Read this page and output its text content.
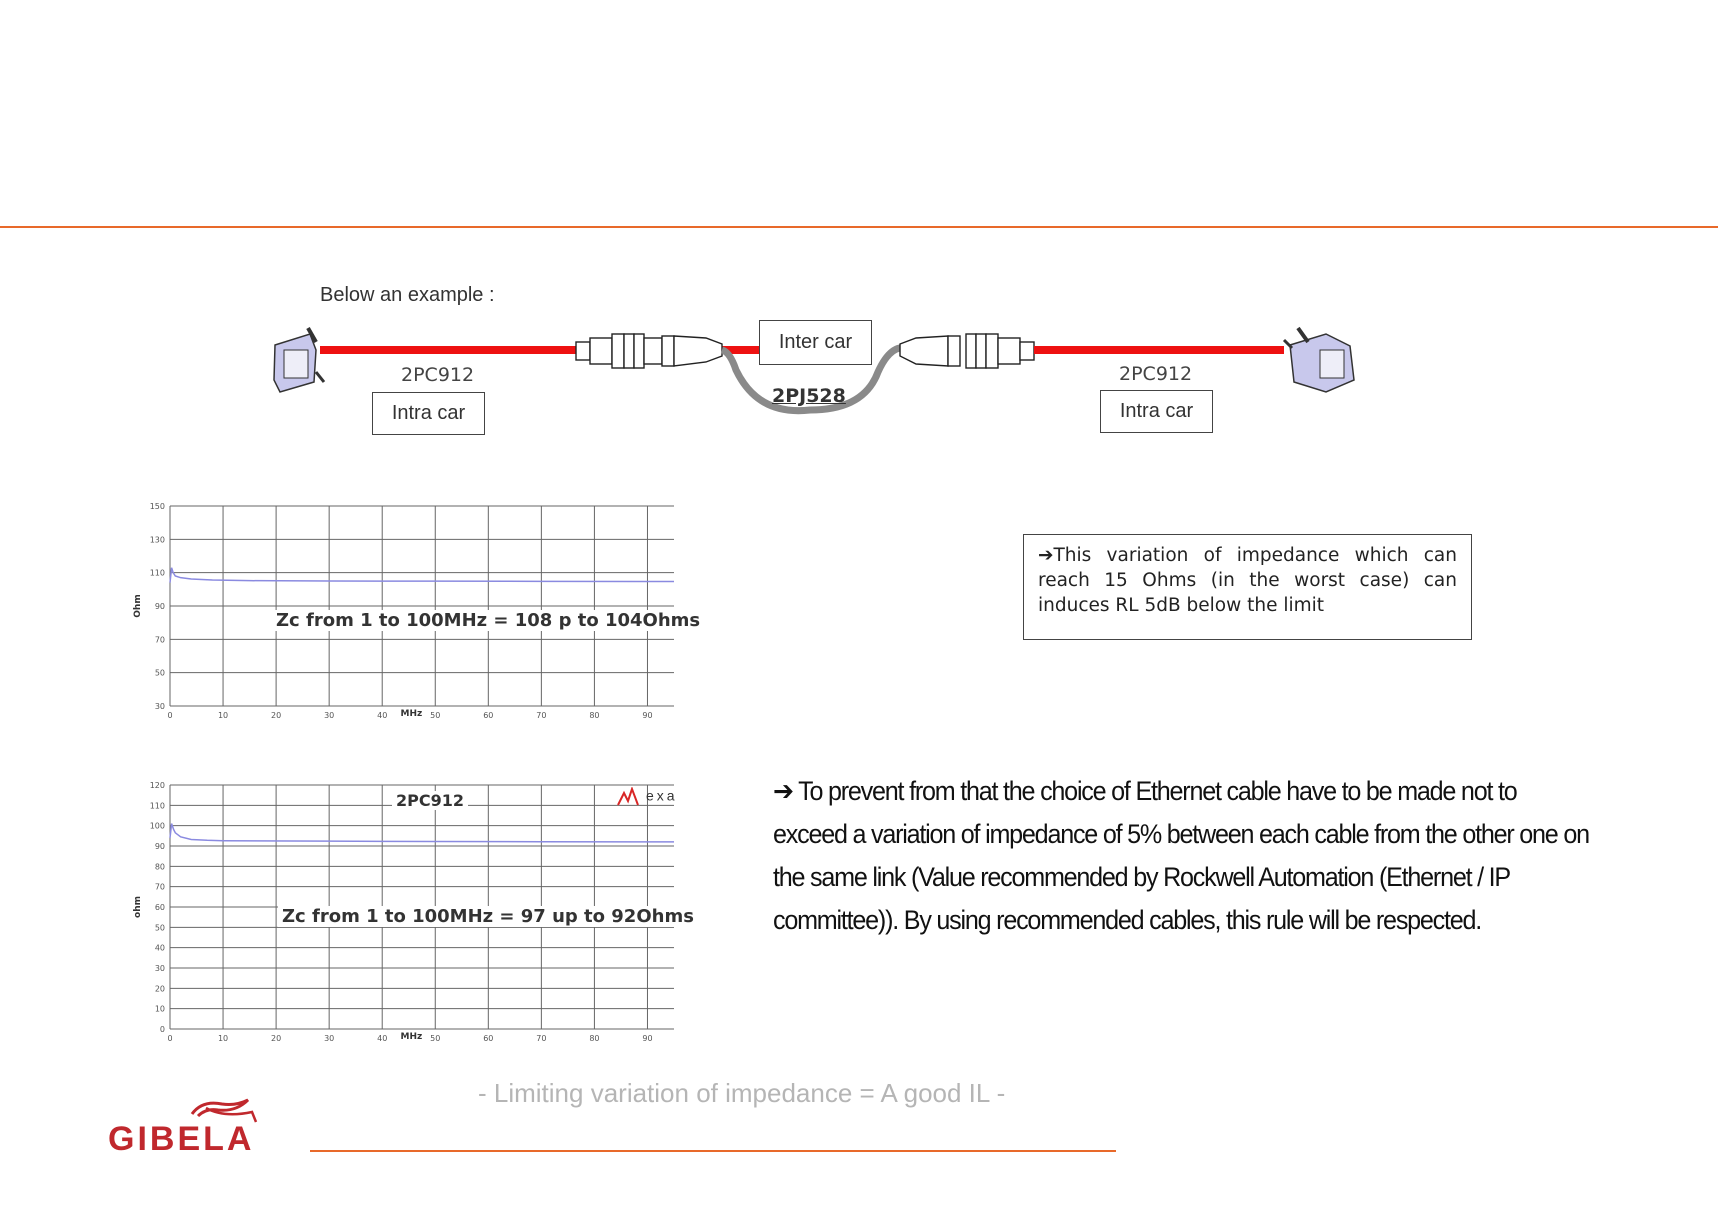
Below an example :
2PC912
Intra car
Inter car
2PJ528
2PC912
Intra car
0	10	20	30	40	50	60	70	80	90
30
50
70
90
110
130
150
MHz
Ohm
Zc from 1 to 100MHz = 108 p to 104Ohms
0	10	20	30	40	50	60	70	80	90
0
10
20
30
40
50
60
70
80
90
100
110
120
MHz
ohm
2PC912	exa
Zc from 1 to 100MHz = 97 up to 92Ohms
➔This variation of impedance which can reach 15 Ohms (in the worst case) can induces RL 5dB below the limit
➔ To prevent from that the choice of Ethernet cable have to be made not to exceed a variation of impedance of 5% between each cable from the other one on the same link (Value recommended by Rockwell Automation (Ethernet / IP committee)). By using recommended cables, this rule will be respected.
- Limiting variation of impedance = A good IL -
GIBELA
